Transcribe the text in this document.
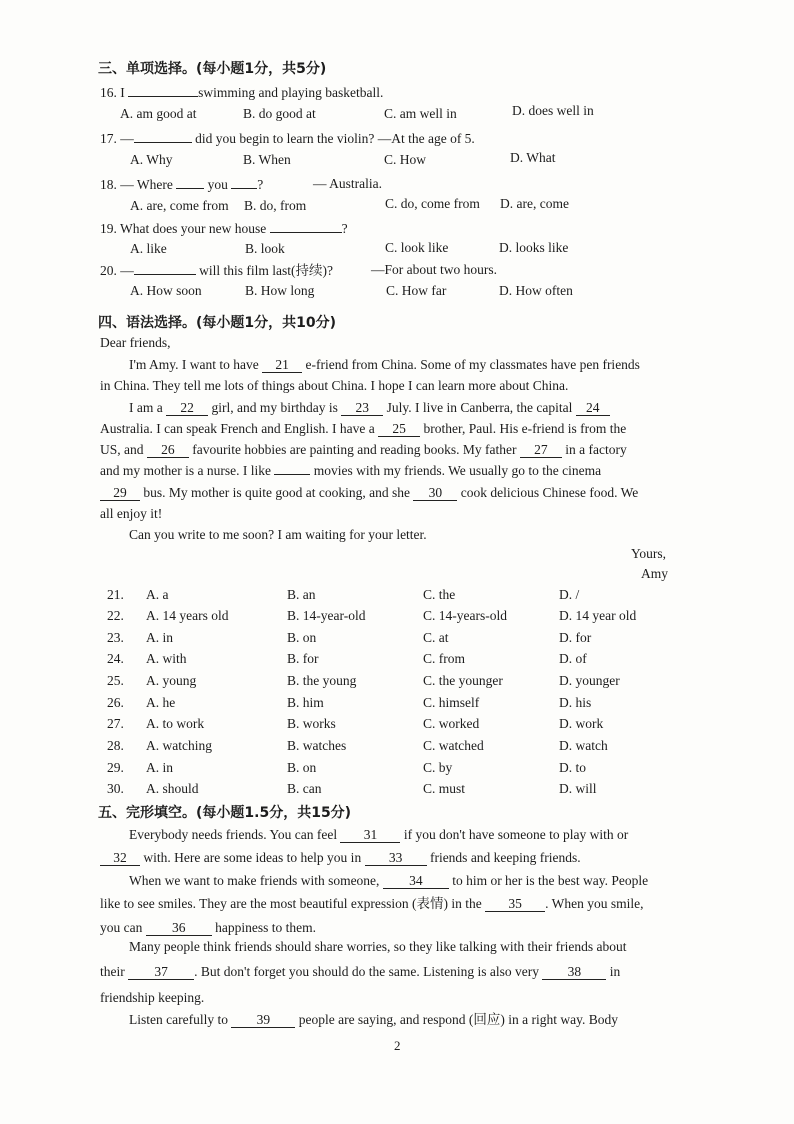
三、单项选择。(每小题1分，共5分)
16. I	swimming and playing basketball.
A. am good at	B. do good at	C. am well in	D. does well in
17. —	did you begin to learn the violin? —At the age of 5.
A. Why	B. When	C. How	D. What
18. — Where	you ?	— Australia.
A. are, come from B. do, from	C. do, come from D. are, come
19. What does your new house	?
A. like	B. look	C. look like	D. looks like
20. —	will this film last(持续)?	—For about two hours.
A. How soon	B. How long	C. How far	D. How often
四、语法选择。(每小题1分，共10分)
Dear friends,
I'm Amy. I want to have 21 e-friend from China. Some of my classmates have pen friends
in China. They tell me lots of things about China. I hope I can learn more about China.
I am a 22 girl, and my birthday is 23 July. I live in Canberra, the capital 24
Australia. I can speak French and English. I have a 25 brother, Paul. His e-friend is from the
US, and 26 favourite hobbies are painting and reading books. My father 27 in a factory
and my mother is a nurse. I like	movies with my friends. We usually go to the cinema
29 bus. My mother is quite good at cooking, and she 30 cook delicious Chinese food. We
all enjoy it!
Can you write to me soon? I am waiting for your letter.
Yours,
Amy
21. A. a	B. an	C. the	D. /
22. A. 14 years old	B. 14-year-old	C. 14-years-old	D. 14 year old
23. A. in	B. on	C. at	D. for
24. A. with	B. for	C. from	D. of
25. A. young	B. the young	C. the younger	D. younger
26. A. he	B. him	C. himself	D. his
27. A. to work	B. works	C. worked	D. work
28. A. watching	B. watches	C. watched	D. watch
29. A. in	B. on	C. by	D. to
30. A. should	B. can	C. must	D. will
五、完形填空。(每小题1.5分，共15分)
Everybody needs friends. You can feel 31 if you don't have someone to play with or
32 with. Here are some ideas to help you in 33 friends and keeping friends.
When we want to make friends with someone, 34 to him or her is the best way. People
like to see smiles. They are the most beautiful expression (表情) in the 35 . When you smile,
you can 36 happiness to them.
Many people think friends should share worries, so they like talking with their friends about
their 37 . But don't forget you should do the same. Listening is also very 38 in
friendship keeping.
Listen carefully to 39 people are saying, and respond (回应) in a right way. Body
2
